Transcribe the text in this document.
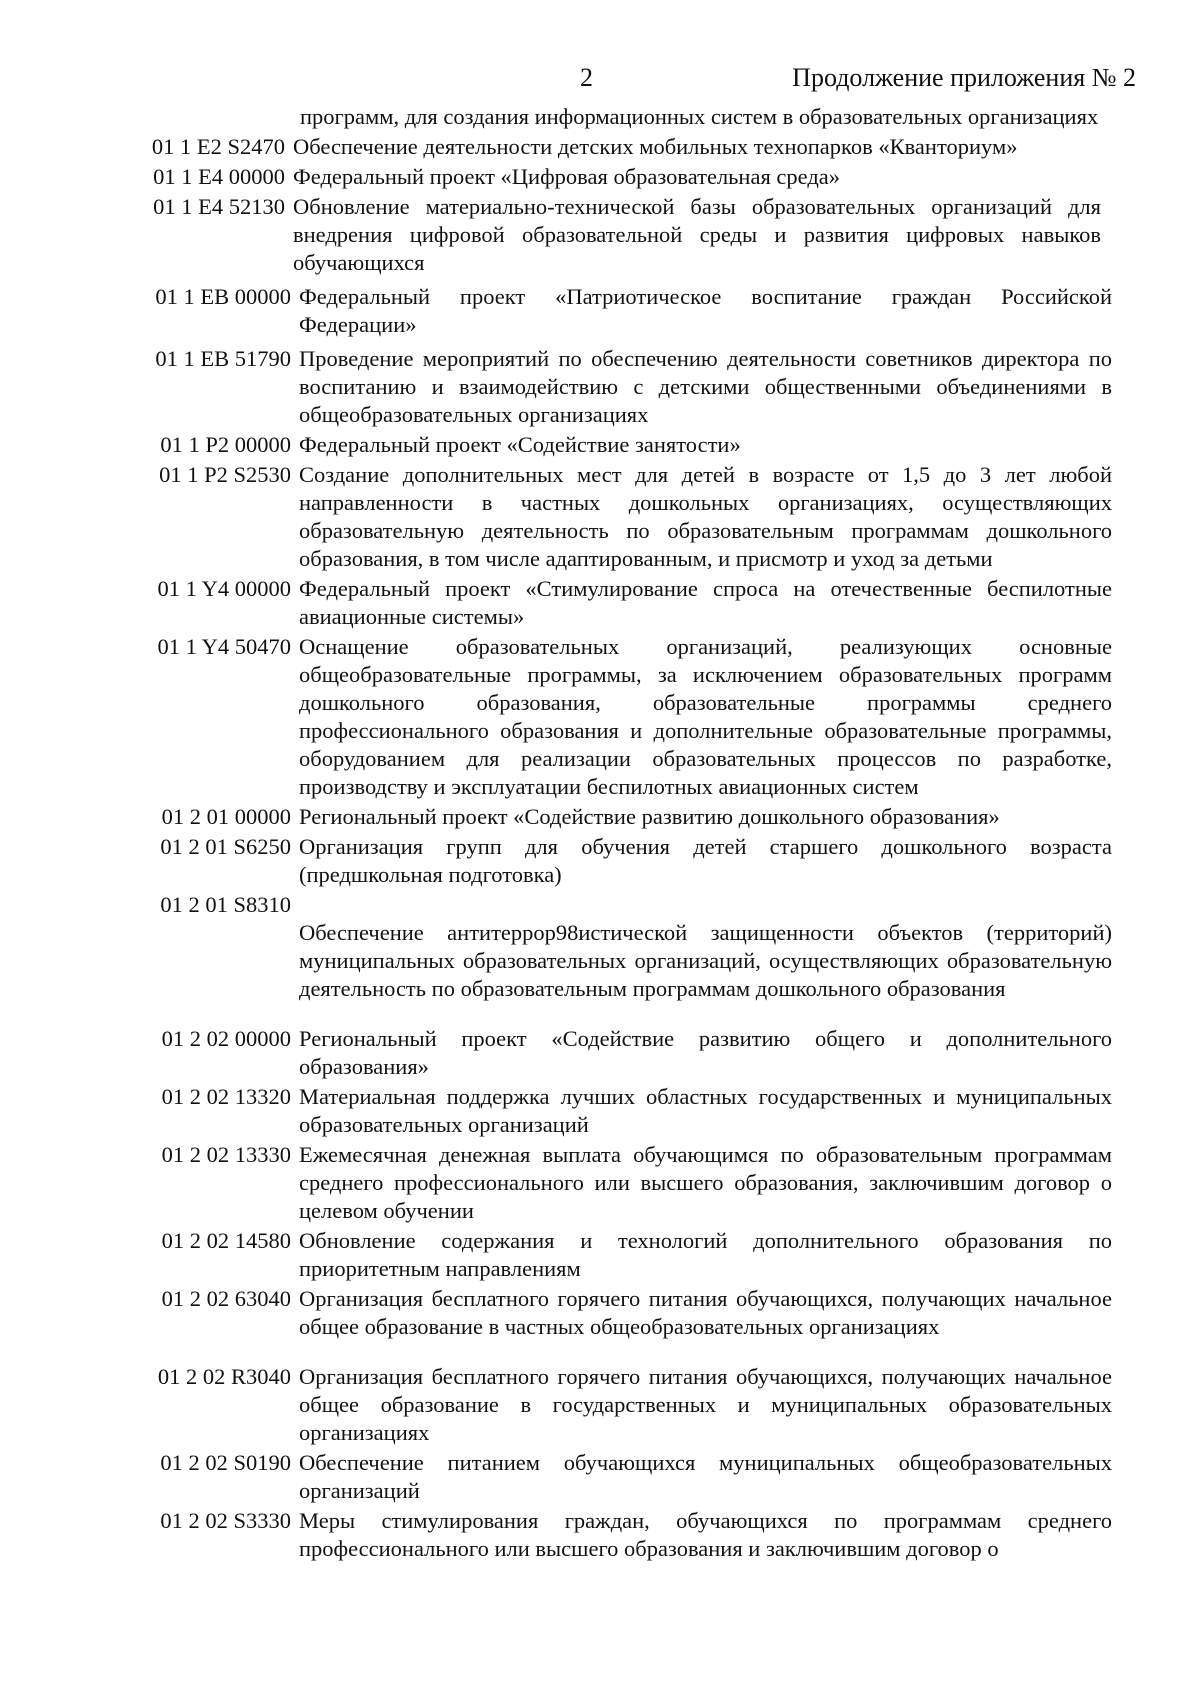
2	Продолжение приложения № 2
программ, для создания информационных систем в образовательных организациях
01 1 E2 S2470 Обеспечение деятельности детских мобильных технопарков «Кванториум»
01 1 E4 00000 Федеральный проект «Цифровая образовательная среда»
01 1 E4 52130 Обновление материально-технической базы образовательных организаций для внедрения цифровой образовательной среды и развития цифровых навыков обучающихся
01 1 EB 00000 Федеральный проект «Патриотическое воспитание граждан Российской Федерации»
01 1 EB 51790 Проведение мероприятий по обеспечению деятельности советников директора по воспитанию и взаимодействию с детскими общественными объединениями в общеобразовательных организациях
01 1 P2 00000 Федеральный проект «Содействие занятости»
01 1 P2 S2530 Создание дополнительных мест для детей в возрасте от 1,5 до 3 лет любой направленности в частных дошкольных организациях, осуществляющих образовательную деятельность по образовательным программам дошкольного образования, в том числе адаптированным, и присмотр и уход за детьми
01 1 Y4 00000 Федеральный проект «Стимулирование спроса на отечественные беспилотные авиационные системы»
01 1 Y4 50470 Оснащение образовательных организаций, реализующих основные общеобразовательные программы, за исключением образовательных программ дошкольного образования, образовательные программы среднего профессионального образования и дополнительные образовательные программы, оборудованием для реализации образовательных процессов по разработке, производству и эксплуатации беспилотных авиационных систем
01 2 01 00000 Региональный проект «Содействие развитию дошкольного образования»
01 2 01 S6250 Организация групп для обучения детей старшего дошкольного возраста (предшкольная подготовка)
01 2 01 S8310
Обеспечение антитеррор98истической защищенности объектов (территорий) муниципальных образовательных организаций, осуществляющих образовательную деятельность по образовательным программам дошкольного образования
01 2 02 00000 Региональный проект «Содействие развитию общего и дополнительного образования»
01 2 02 13320 Материальная поддержка лучших областных государственных и муниципальных образовательных организаций
01 2 02 13330 Ежемесячная денежная выплата обучающимся по образовательным программам среднего профессионального или высшего образования, заключившим договор о целевом обучении
01 2 02 14580 Обновление содержания и технологий дополнительного образования по приоритетным направлениям
01 2 02 63040 Организация бесплатного горячего питания обучающихся, получающих начальное общее образование в частных общеобразовательных организациях
01 2 02 R3040 Организация бесплатного горячего питания обучающихся, получающих начальное общее образование в государственных и муниципальных образовательных организациях
01 2 02 S0190 Обеспечение питанием обучающихся муниципальных общеобразовательных организаций
01 2 02 S3330 Меры стимулирования граждан, обучающихся по программам среднего профессионального или высшего образования и заключившим договор о
